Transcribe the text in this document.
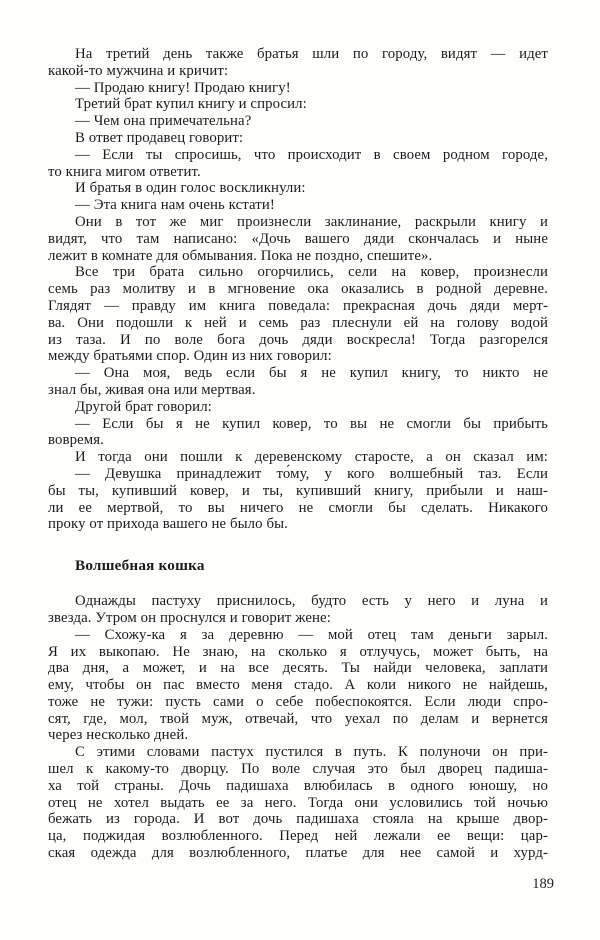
На третий день также братья шли по городу, видят — идет
какой-то мужчина и кричит:
— Продаю книгу! Продаю книгу!
Третий брат купил книгу и спросил:
— Чем она примечательна?
В ответ продавец говорит:
— Если ты спросишь, что происходит в своем родном городе,
то книга мигом ответит.
И братья в один голос воскликнули:
— Эта книга нам очень кстати!
Они в тот же миг произнесли заклинание, раскрыли книгу и
видят, что там написано: «Дочь вашего дяди скончалась и ныне
лежит в комнате для обмывания. Пока не поздно, спешите».
Все три брата сильно огорчились, сели на ковер, произнесли
семь раз молитву и в мгновение ока оказались в родной деревне.
Глядят — правду им книга поведала: прекрасная дочь дяди мерт-
ва. Они подошли к ней и семь раз плеснули ей на голову водой
из таза. И по воле бога дочь дяди воскресла! Тогда разгорелся
между братьями спор. Один из них говорил:
— Она моя, ведь если бы я не купил книгу, то никто не
знал бы, живая она или мертвая.
Другой брат говорил:
— Если бы я не купил ковер, то вы не смогли бы прибыть
вовремя.
И тогда они пошли к деревенскому старосте, а он сказал им:
— Девушка принадлежит то́му, у кого волшебный таз. Если
бы ты, купивший ковер, и ты, купивший книгу, прибыли и наш-
ли ее мертвой, то вы ничего не смогли бы сделать. Никакого
проку от прихода вашего не было бы.
Волшебная кошка
Однажды пастуху приснилось, будто есть у него и луна и
звезда. Утром он проснулся и говорит жене:
— Схожу-ка я за деревню — мой отец там деньги зарыл.
Я их выкопаю. Не знаю, на сколько я отлучусь, может быть, на
два дня, а может, и на все десять. Ты найди человека, заплати
ему, чтобы он пас вместо меня стадо. А коли никого не найдешь,
тоже не тужи: пусть сами о себе побеспокоятся. Если люди спро-
сят, где, мол, твой муж, отвечай, что уехал по делам и вернется
через несколько дней.
С этими словами пастух пустился в путь. К полуночи он при-
шел к какому-то дворцу. По воле случая это был дворец падиша-
ха той страны. Дочь падишаха влюбилась в одного юношу, но
отец не хотел выдать ее за него. Тогда они условились той ночью
бежать из города. И вот дочь падишаха стояла на крыше двор-
ца, поджидая возлюбленного. Перед ней лежали ее вещи: цар-
ская одежда для возлюбленного, платье для нее самой и хурд-
189
